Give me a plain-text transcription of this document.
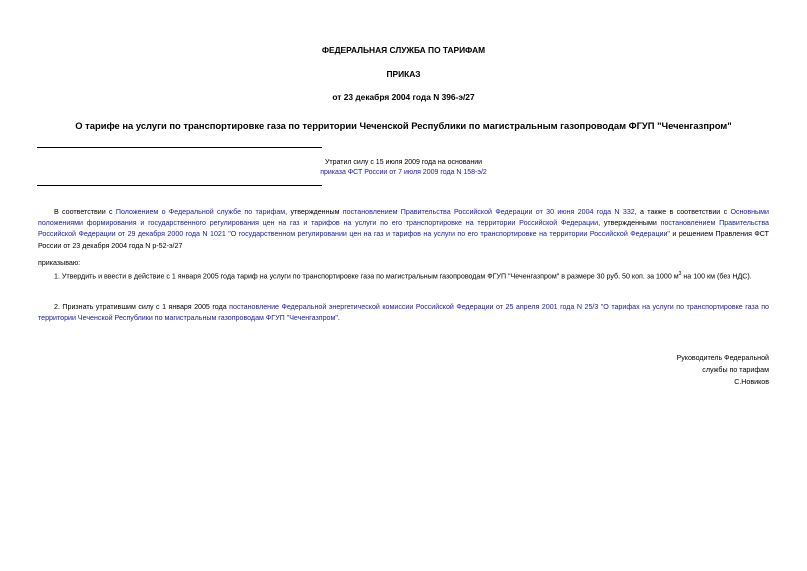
ФЕДЕРАЛЬНАЯ СЛУЖБА ПО ТАРИФАМ
ПРИКАЗ
от 23 декабря 2004 года N 396-э/27
О тарифе на услуги по транспортировке газа по территории Чеченской Республики по магистральным газопроводам ФГУП "Чеченгазпром"
Утратил силу с 15 июля 2009 года на основании
приказа ФСТ России от 7 июля 2009 года N 158-э/2
В соответствии с Положением о Федеральной службе по тарифам, утвержденным постановлением Правительства Российской Федерации от 30 июня 2004 года N 332, а также в соответствии с Основными положениями формирования и государственного регулирования цен на газ и тарифов на услуги по его транспортировке на территории Российской Федерации, утвержденными постановлением Правительства Российской Федерации от 29 декабря 2000 года N 1021 "О государственном регулировании цен на газ и тарифов на услуги по его транспортировке на территории Российской Федерации" и решением Правления ФСТ России от 23 декабря 2004 года N р-52-э/27
приказываю:
1. Утвердить и ввести в действие с 1 января 2005 года тариф на услуги по транспортировке газа по магистральным газопроводам ФГУП "Чеченгазпром" в размере 30 руб. 50 коп. за 1000 $м^3$ на 100 км (без НДС).
2. Признать утратившим силу с 1 января 2005 года постановление Федеральной энергетической комиссии Российской Федерации от 25 апреля 2001 года N 25/3 "О тарифах на услуги по транспортировке газа по территории Чеченской Республики по магистральным газопроводам ФГУП "Чеченгазпром".
Руководитель Федеральной
службы по тарифам
С.Новиков
